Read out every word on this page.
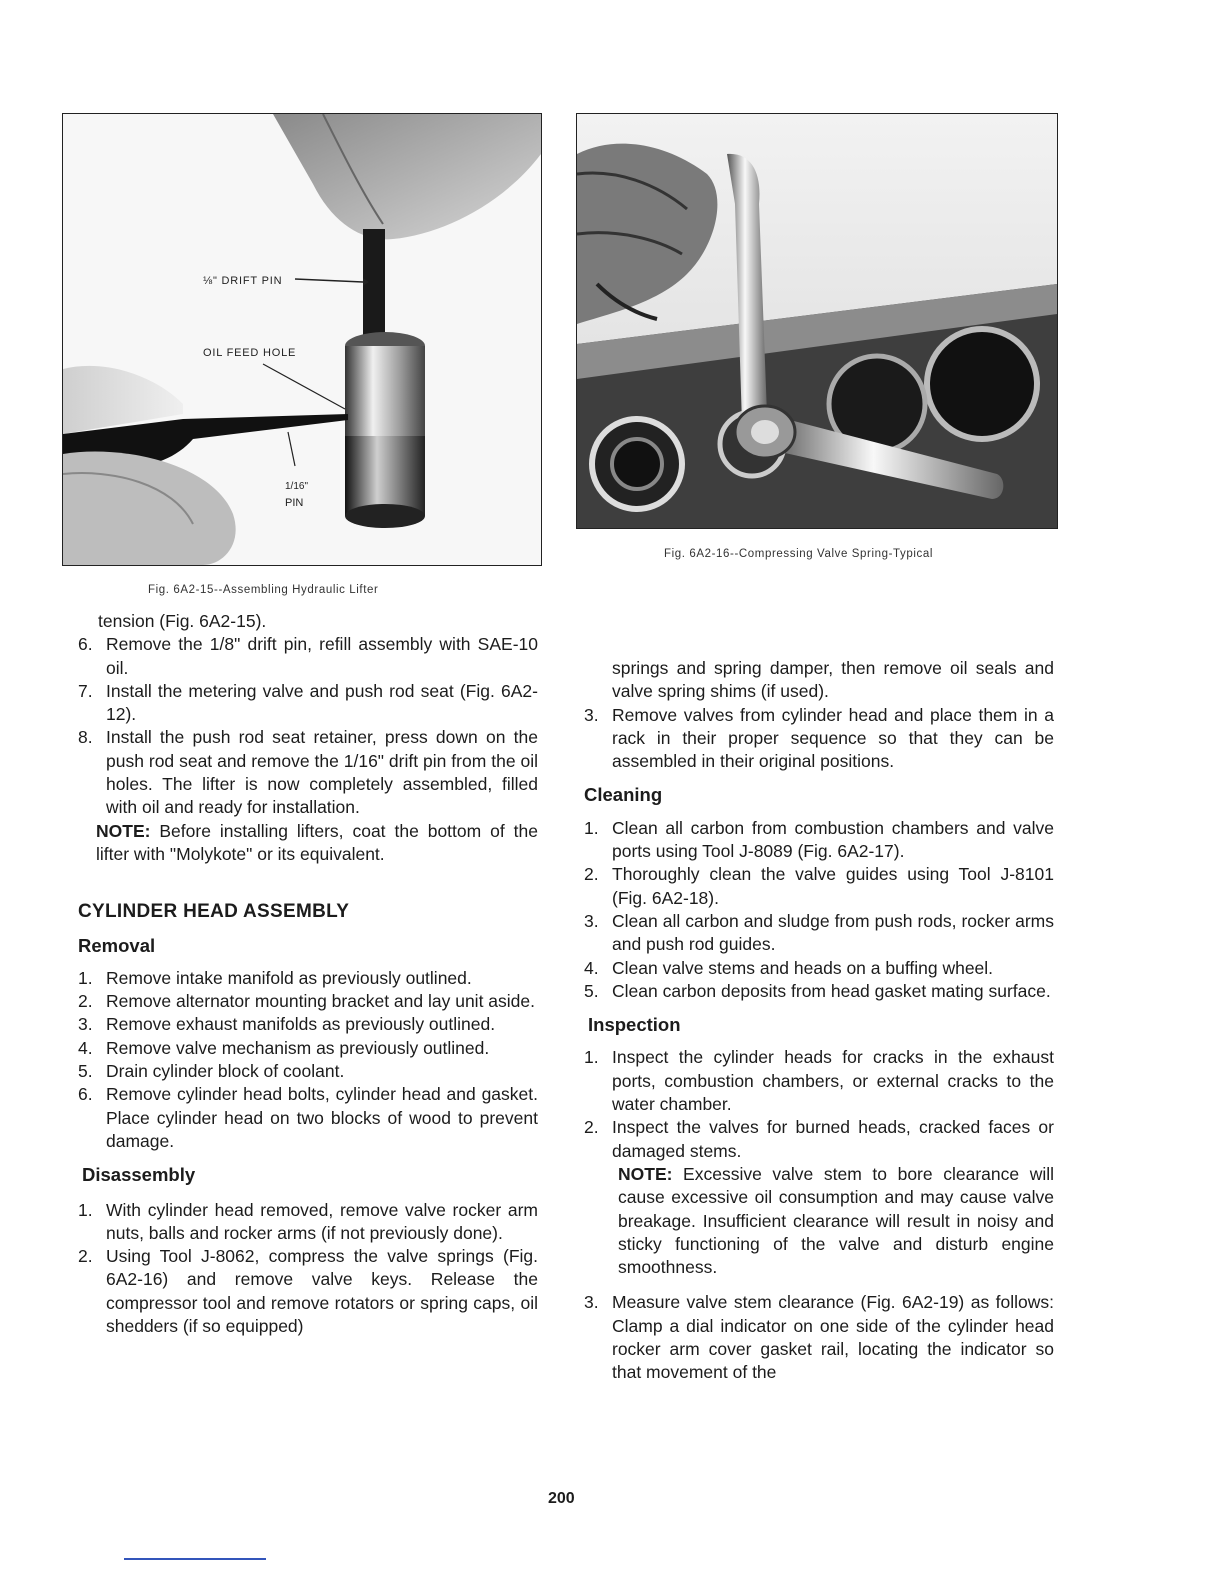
⅛" DRIFT PIN
OIL FEED HOLE
1/16"
PIN
Fig. 6A2-15--Assembling Hydraulic Lifter
Fig. 6A2-16--Compressing Valve Spring-Typical

tension (Fig. 6A2-15).

6. Remove the 1/8" drift pin, refill assembly with SAE-10 oil.
7. Install the metering valve and push rod seat (Fig. 6A2-12).
8. Install the push rod seat retainer, press down on the push rod seat and remove the 1/16" drift pin from the oil holes. The lifter is now completely assembled, filled with oil and ready for installation.

NOTE: Before installing lifters, coat the bottom of the lifter with "Molykote" or its equivalent.

CYLINDER HEAD ASSEMBLY
Removal
1. Remove intake manifold as previously outlined.
2. Remove alternator mounting bracket and lay unit aside.
3. Remove exhaust manifolds as previously outlined.
4. Remove valve mechanism as previously outlined.
5. Drain cylinder block of coolant.
6. Remove cylinder head bolts, cylinder head and gasket. Place cylinder head on two blocks of wood to prevent damage.
Disassembly
1. With cylinder head removed, remove valve rocker arm nuts, balls and rocker arms (if not previously done).
2. Using Tool J-8062, compress the valve springs (Fig. 6A2-16) and remove valve keys. Release the compressor tool and remove rotators or spring caps, oil shedders (if so equipped)

springs and spring damper, then remove oil seals and valve spring shims (if used).

3. Remove valves from cylinder head and place them in a rack in their proper sequence so that they can be assembled in their original positions.
Cleaning
1. Clean all carbon from combustion chambers and valve ports using Tool J-8089 (Fig. 6A2-17).
2. Thoroughly clean the valve guides using Tool J-8101 (Fig. 6A2-18).
3. Clean all carbon and sludge from push rods, rocker arms and push rod guides.
4. Clean valve stems and heads on a buffing wheel.
5. Clean carbon deposits from head gasket mating surface.
Inspection
1. Inspect the cylinder heads for cracks in the exhaust ports, combustion chambers, or external cracks to the water chamber.
2. Inspect the valves for burned heads, cracked faces or damaged stems.

NOTE: Excessive valve stem to bore clearance will cause excessive oil consumption and may cause valve breakage. Insufficient clearance will result in noisy and sticky functioning of the valve and disturb engine smoothness.

3. Measure valve stem clearance (Fig. 6A2-19) as follows: Clamp a dial indicator on one side of the cylinder head rocker arm cover gasket rail, locating the indicator so that movement of the
200
